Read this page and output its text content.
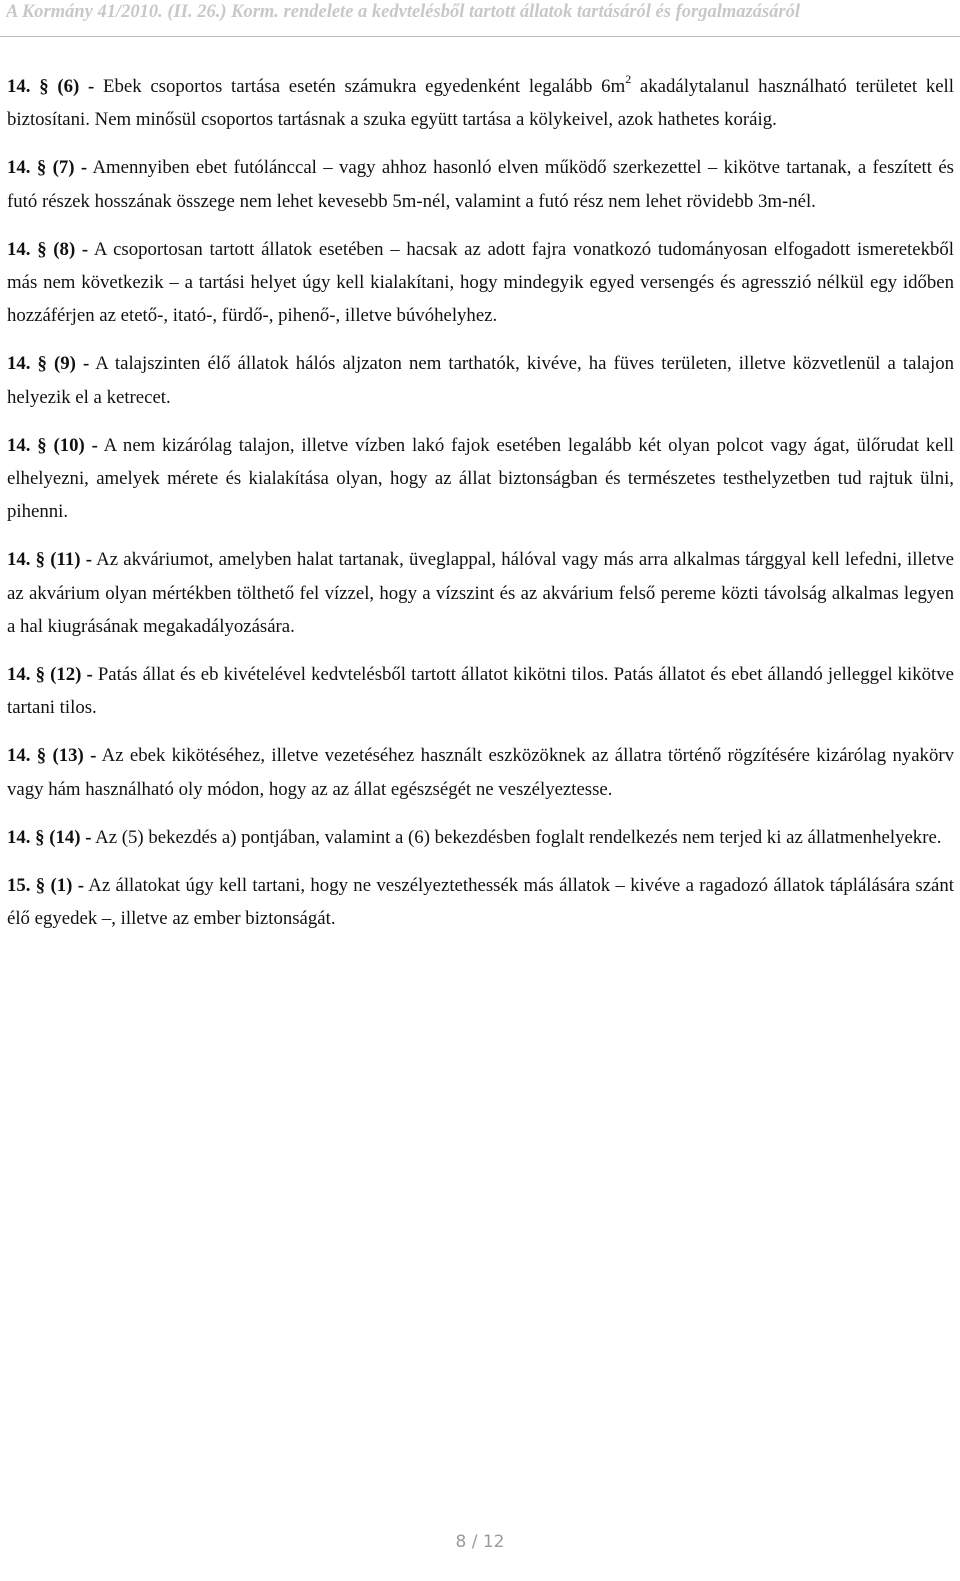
A Kormány 41/2010. (II. 26.) Korm. rendelete a kedvtelésből tartott állatok tartásáról és forgalmazásáról

14. § (6) - Ebek csoportos tartása esetén számukra egyedenként legalább $6m^2$ akadálytalanul használható területet kell biztosítani. Nem minősül csoportos tartásnak a szuka együtt tartása a kölykeivel, azok hathetes koráig.

14. § (7) - Amennyiben ebet futólánccal – vagy ahhoz hasonló elven működő szerkezettel – kikötve tartanak, a feszített és futó részek hosszának összege nem lehet kevesebb 5m-nél, valamint a futó rész nem lehet rövidebb 3m-nél.

14. § (8) - A csoportosan tartott állatok esetében – hacsak az adott fajra vonatkozó tudományosan elfogadott ismeretekből más nem következik – a tartási helyet úgy kell kialakítani, hogy mindegyik egyed versengés és agresszió nélkül egy időben hozzáférjen az etető-, itató-, fürdő-, pihenő-, illetve búvóhelyhez.

14. § (9) - A talajszinten élő állatok hálós aljzaton nem tarthatók, kivéve, ha füves területen, illetve közvetlenül a talajon helyezik el a ketrecet.

14. § (10) - A nem kizárólag talajon, illetve vízben lakó fajok esetében legalább két olyan polcot vagy ágat, ülőrudat kell elhelyezni, amelyek mérete és kialakítása olyan, hogy az állat biztonságban és természetes testhelyzetben tud rajtuk ülni, pihenni.

14. § (11) - Az akváriumot, amelyben halat tartanak, üveglappal, hálóval vagy más arra alkalmas tárggyal kell lefedni, illetve az akvárium olyan mértékben tölthető fel vízzel, hogy a vízszint és az akvárium felső pereme közti távolság alkalmas legyen a hal kiugrásának megakadályozására.

14. § (12) - Patás állat és eb kivételével kedvtelésből tartott állatot kikötni tilos. Patás állatot és ebet állandó jelleggel kikötve tartani tilos.

14. § (13) - Az ebek kikötéséhez, illetve vezetéséhez használt eszközöknek az állatra történő rögzítésére kizárólag nyakörv vagy hám használható oly módon, hogy az az állat egészségét ne veszélyeztesse.

14. § (14) - Az (5) bekezdés a) pontjában, valamint a (6) bekezdésben foglalt rendelkezés nem terjed ki az állatmenhelyekre.

15. § (1) - Az állatokat úgy kell tartani, hogy ne veszélyeztethessék más állatok – kivéve a ragadozó állatok táplálására szánt élő egyedek –, illetve az ember biztonságát.

8 / 12
